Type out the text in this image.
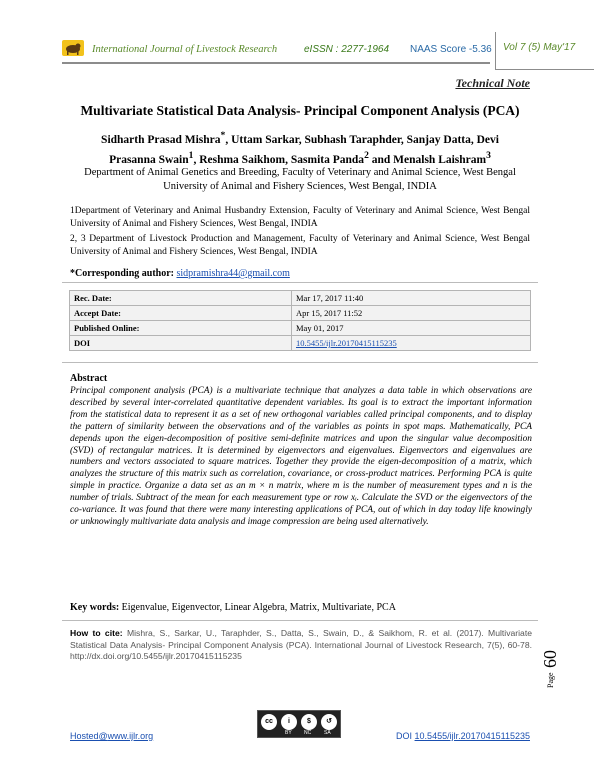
International Journal of Livestock Research	eISSN : 2277-1964 NAAS Score -5.36 Vol 7 (5) May'17
Technical Note
Multivariate Statistical Data Analysis- Principal Component Analysis (PCA)
Sidharth Prasad Mishra*, Uttam Sarkar, Subhash Taraphder, Sanjay Datta, Devi
Prasanna Swain$^1$, Reshma Saikhom, Sasmita Panda$^2$ and Menalsh Laishram$^3$
Department of Animal Genetics and Breeding, Faculty of Veterinary and Animal Science, West Bengal University of Animal and Fishery Sciences, West Bengal, INDIA
1Department of Veterinary and Animal Husbandry Extension, Faculty of Veterinary and Animal Science, West Bengal University of Animal and Fishery Sciences, West Bengal, INDIA
2, 3 Department of Livestock Production and Management, Faculty of Veterinary and Animal Science, West Bengal University of Animal and Fishery Sciences, West Bengal, INDIA
*Corresponding author: sidpramishra44@gmail.com
Rec. Date:	Mar 17, 2017 11:40
Accept Date:	Apr 15, 2017 11:52
Published Online:	May 01, 2017
DOI	10.5455/ijlr.20170415115235
Abstract

Principal component analysis (PCA) is a multivariate technique that analyzes a data table in which observations are described by several inter-correlated quantitative dependent variables. Its goal is to extract the important information from the statistical data to represent it as a set of new orthogonal variables called principal components, and to display the pattern of similarity between the observations and of the variables as points in spot maps. Mathematically, PCA depends upon the eigen-decomposition of positive semi-definite matrices and upon the singular value decomposition (SVD) of rectangular matrices. It is determined by eigenvectors and eigenvalues. Eigenvectors and eigenvalues are numbers and vectors associated to square matrices. Together they provide the eigen-decomposition of a matrix, which analyzes the structure of this matrix such as correlation, covariance, or cross-product matrices. Performing PCA is quite simple in practice. Organize a data set as an m × n matrix, where m is the number of measurement types and n is the number of trials. Subtract of the mean for each measurement type or row xᵢ. Calculate the SVD or the eigenvectors of the co-variance. It was found that there were many interesting applications of PCA, out of which in day today life knowingly or unknowingly multivariate data analysis and image compression are being used alternatively.

Key words: Eigenvalue, Eigenvector, Linear Algebra, Matrix, Multivariate, PCA
How to cite: Mishra, S., Sarkar, U., Taraphder, S., Datta, S., Swain, D., & Saikhom, R. et al. (2017). Multivariate Statistical Data Analysis- Principal Component Analysis (PCA). International Journal of Livestock Research, 7(5), 60-78. http://dx.doi.org/10.5455/ijlr.20170415115235
Page
60
Hosted@www.ijlr.org
cc	i	$	↺
BY NC	SA	DOI 10.5455/ijlr.20170415115235
